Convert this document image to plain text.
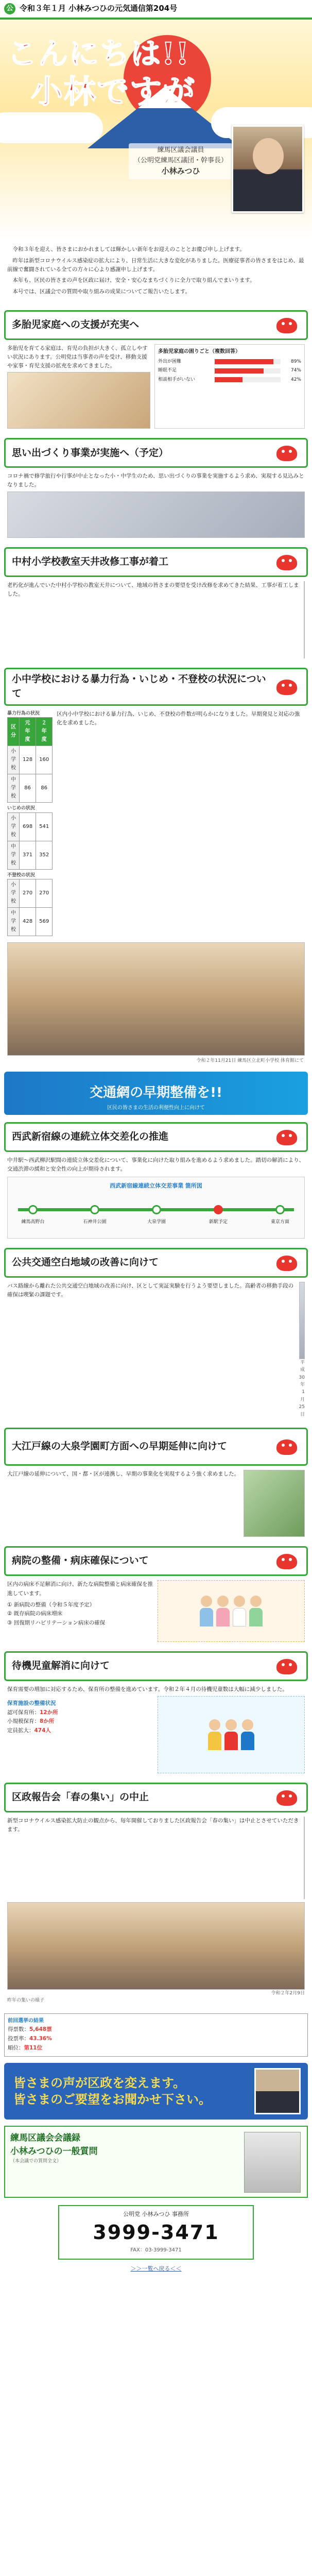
公 令和３年１月 小林みつひの元気通信第204号
こんにちは!!
小林ですが
練馬区議会議員
（公明党練馬区議団・幹事長）
小林みつひ

令和３年を迎え、皆さまにおかれましては輝かしい新年をお迎えのこととお慶び申し上げます。

昨年は新型コロナウイルス感染症の拡大により、日常生活に大きな変化がありました。医療従事者の皆さまをはじめ、最前線で奮闘されている全ての方々に心より感謝申し上げます。

本年も、区民の皆さまの声を区政に届け、安全・安心なまちづくりに全力で取り組んでまいります。

本号では、区議会での質問や取り組みの成果についてご報告いたします。

多胎児家庭への支援が充実へ

多胎児を育てる家庭は、育児の負担が大きく、孤立しやすい状況にあります。公明党は当事者の声を受け、移動支援や家事・育児支援の拡充を求めてきました。

多胎児家庭の困りごと（複数回答）
外出が困難	89%
睡眠不足	74%
相談相手がいない	42%
思い出づくり事業が実施へ（予定）

コロナ禍で修学旅行や行事が中止となった小・中学生のため、思い出づくりの事業を実施するよう求め、実現する見込みとなりました。

中村小学校教室天井改修工事が着工

老朽化が進んでいた中村小学校の教室天井について、地域の皆さまの要望を受け改修を求めてきた結果、工事が着工しました。

小中学校における暴力行為・いじめ・不登校の状況について
暴力行為の状況
区分	元年度	２年度
小学校	128	160
中学校	86	86
いじめの状況
小学校	698	541
中学校	371	352
不登校の状況
小学校	270	270
中学校	428	569

区内小中学校における暴力行為、いじめ、不登校の件数が明らかになりました。早期発見と対応の強化を求めました。

令和２年11月21日 練馬区立北町小学校 体育館にて
交通網の早期整備を!!
区民の皆さまの生活の利便性向上に向けて
西武新宿線の連続立体交差化の推進

中井駅〜西武柳沢駅間の連続立体交差化について、事業化に向けた取り組みを進めるよう求めました。踏切の解消により、交通渋滞の緩和と安全性の向上が期待されます。

西武新宿線連続立体交差事業 箇所図
練馬高野台	石神井公園	大泉学園	新駅予定	東京方面
公共交通空白地域の改善に向けて

バス路線から離れた公共交通空白地域の改善に向け、区として実証実験を行うよう要望しました。高齢者の移動手段の確保は喫緊の課題です。

平成30年1月25日
大江戸線の大泉学園町方面への早期延伸に向けて

大江戸線の延伸について、国・都・区が連携し、早期の事業化を実現するよう強く求めました。

病院の整備・病床確保について

区内の病床不足解消に向け、新たな病院整備と病床確保を推進しています。

① 新病院の整備（令和５年度予定）
② 既存病院の病床増床
③ 回復期リハビリテーション病床の確保
待機児童解消に向けて

保育需要の増加に対応するため、保育所の整備を進めています。令和２年４月の待機児童数は大幅に減少しました。

保育施設の整備状況
認可保育所：12か所
小規模保育：8か所
定員拡大：474人
区政報告会「春の集い」の中止

新型コロナウイルス感染拡大防止の観点から、毎年開催しておりました区政報告会「春の集い」は中止とさせていただきます。

令和２年2月9日
昨年の集いの様子
前回選挙の結果
得票数：5,648票
投票率：43.36%
順位：第11位
皆さまの声が区政を変えます。
皆さまのご要望をお聞かせ下さい。
練馬区議会会議録
小林みつひの一般質問
（本会議での質問全文）
公明党 小林みつひ 事務所
3999-3471
FAX：03-3999-3471
＞＞一覧へ戻る＜＜
